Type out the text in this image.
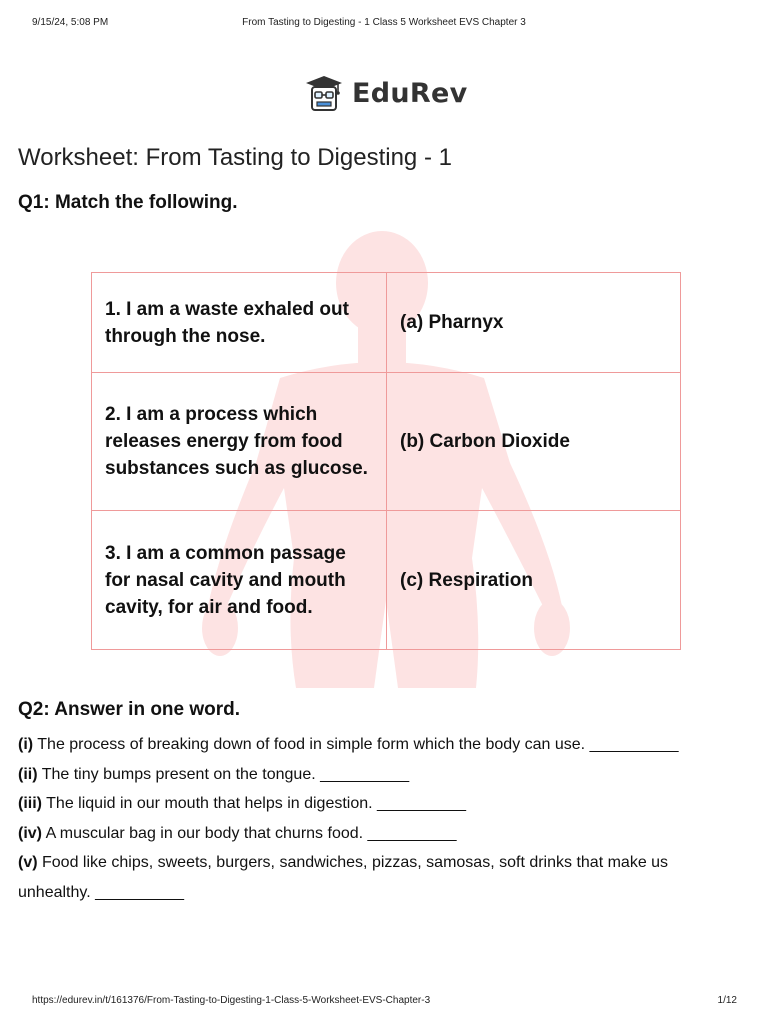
9/15/24, 5:08 PM	From Tasting to Digesting - 1 Class 5 Worksheet EVS Chapter 3
EduRev
Worksheet: From Tasting to Digesting - 1
Q1: Match the following.
1. I am a waste exhaled out through the nose.	(a) Pharnyx
2. I am a process which releases energy from food substances such as glucose.	(b) Carbon Dioxide
3. I am a common passage for nasal cavity and mouth cavity, for air and food.	(c) Respiration
Q2: Answer in one word.
(i) The process of breaking down of food in simple form which the body can use. __________
(ii) The tiny bumps present on the tongue. __________
(iii) The liquid in our mouth that helps in digestion. __________
(iv) A muscular bag in our body that churns food. __________
(v) Food like chips, sweets, burgers, sandwiches, pizzas, samosas, soft drinks that make us unhealthy. __________
https://edurev.in/t/161376/From-Tasting-to-Digesting-1-Class-5-Worksheet-EVS-Chapter-3	1/12
